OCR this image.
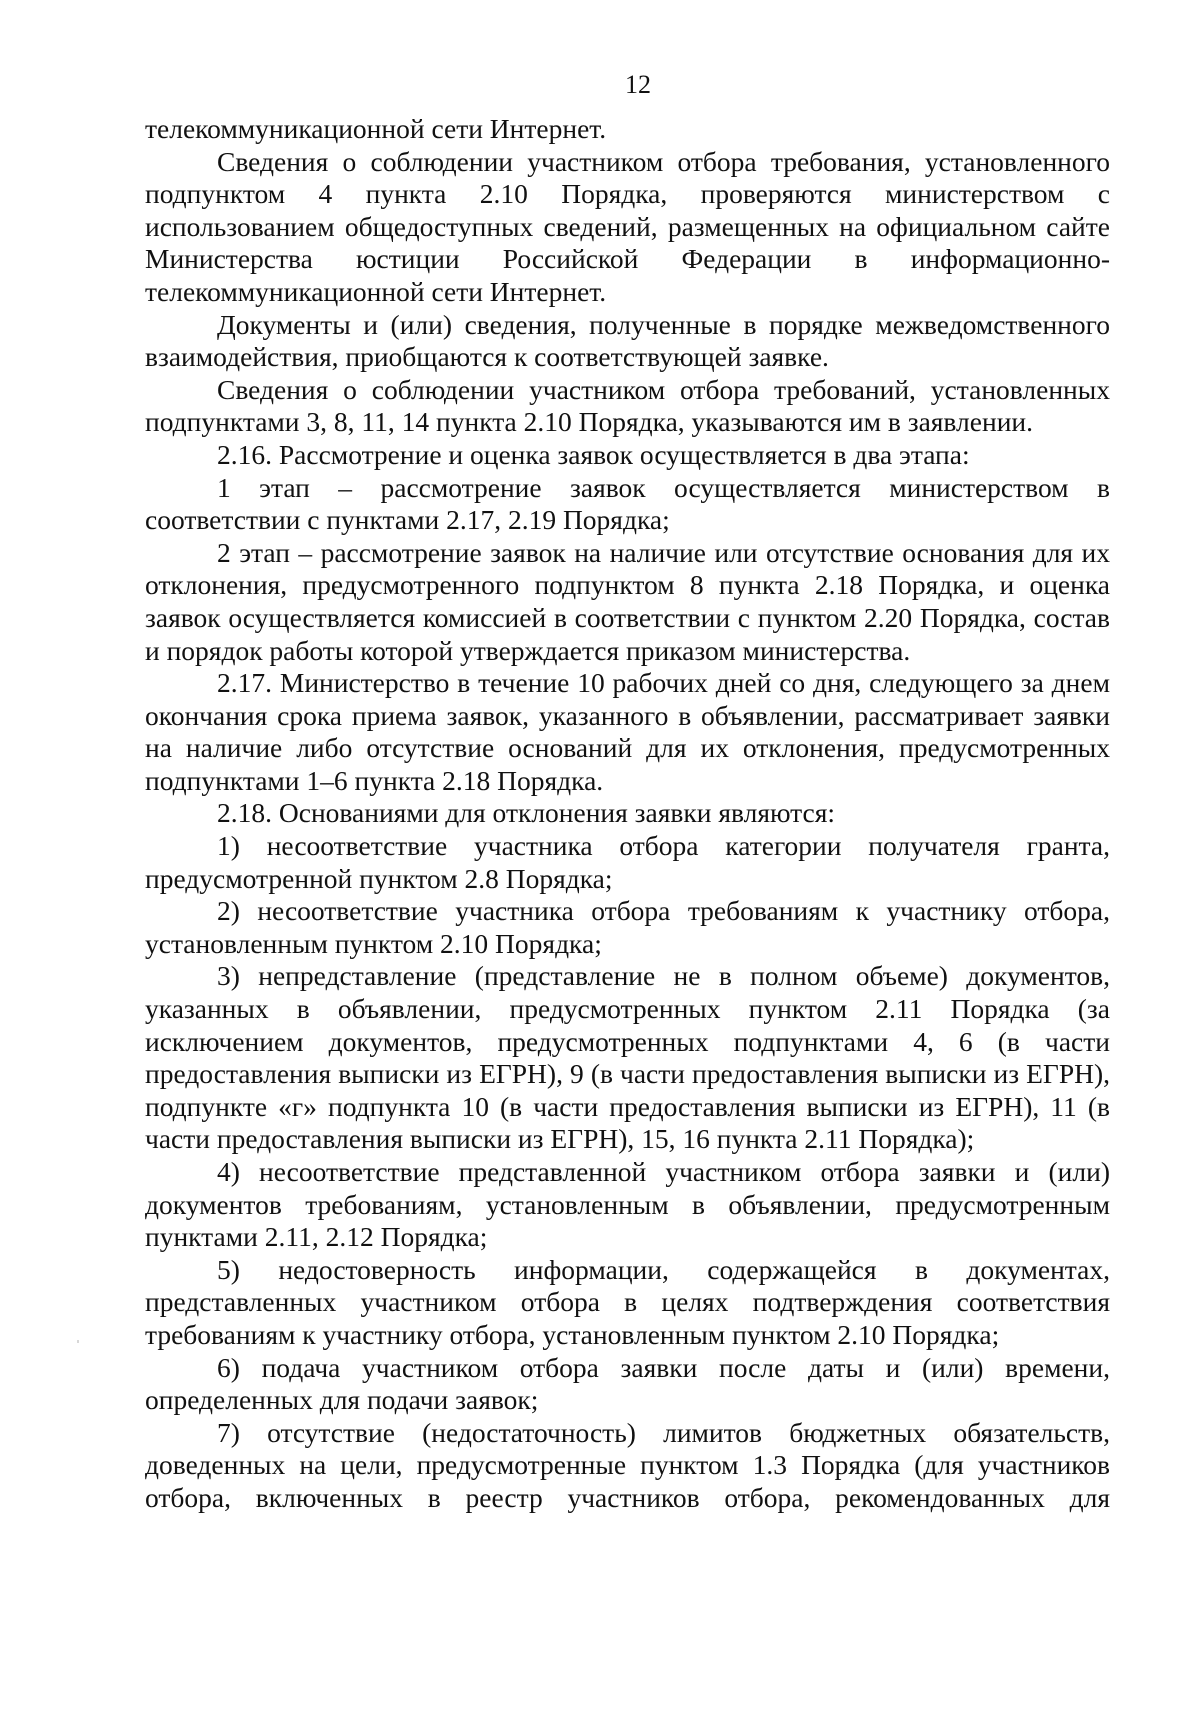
12

телекоммуникационной сети Интернет.

Сведения о соблюдении участником отбора требования, установленного подпунктом 4 пункта 2.10 Порядка, проверяются министерством с использованием общедоступных сведений, размещенных на официальном сайте Министерства юстиции Российской Федерации в информационно-телекоммуникационной сети Интернет.

Документы и (или) сведения, полученные в порядке межведомственного взаимодействия, приобщаются к соответствующей заявке.

Сведения о соблюдении участником отбора требований, установленных подпунктами 3, 8, 11, 14 пункта 2.10 Порядка, указываются им в заявлении.

2.16. Рассмотрение и оценка заявок осуществляется в два этапа:

1 этап – рассмотрение заявок осуществляется министерством в соответствии с пунктами 2.17, 2.19 Порядка;

2 этап – рассмотрение заявок на наличие или отсутствие основания для их отклонения, предусмотренного подпунктом 8 пункта 2.18 Порядка, и оценка заявок осуществляется комиссией в соответствии с пунктом 2.20 Порядка, состав и порядок работы которой утверждается приказом министерства.

2.17. Министерство в течение 10 рабочих дней со дня, следующего за днем окончания срока приема заявок, указанного в объявлении, рассматривает заявки на наличие либо отсутствие оснований для их отклонения, предусмотренных подпунктами 1–6 пункта 2.18 Порядка.

2.18. Основаниями для отклонения заявки являются:

1) несоответствие участника отбора категории получателя гранта, предусмотренной пунктом 2.8 Порядка;

2) несоответствие участника отбора требованиям к участнику отбора, установленным пунктом 2.10 Порядка;

3) непредставление (представление не в полном объеме) документов, указанных в объявлении, предусмотренных пунктом 2.11 Порядка (за исключением документов, предусмотренных подпунктами 4, 6 (в части предоставления выписки из ЕГРН), 9 (в части предоставления выписки из ЕГРН), подпункте «г» подпункта 10 (в части предоставления выписки из ЕГРН), 11 (в части предоставления выписки из ЕГРН), 15, 16 пункта 2.11 Порядка);

4) несоответствие представленной участником отбора заявки и (или) документов требованиям, установленным в объявлении, предусмотренным пунктами 2.11, 2.12 Порядка;

5) недостоверность информации, содержащейся в документах, представленных участником отбора в целях подтверждения соответствия требованиям к участнику отбора, установленным пунктом 2.10 Порядка;

6) подача участником отбора заявки после даты и (или) времени, определенных для подачи заявок;

7) отсутствие (недостаточность) лимитов бюджетных обязательств, доведенных на цели, предусмотренные пунктом 1.3 Порядка (для участников отбора, включенных в реестр участников отбора, рекомендованных для
